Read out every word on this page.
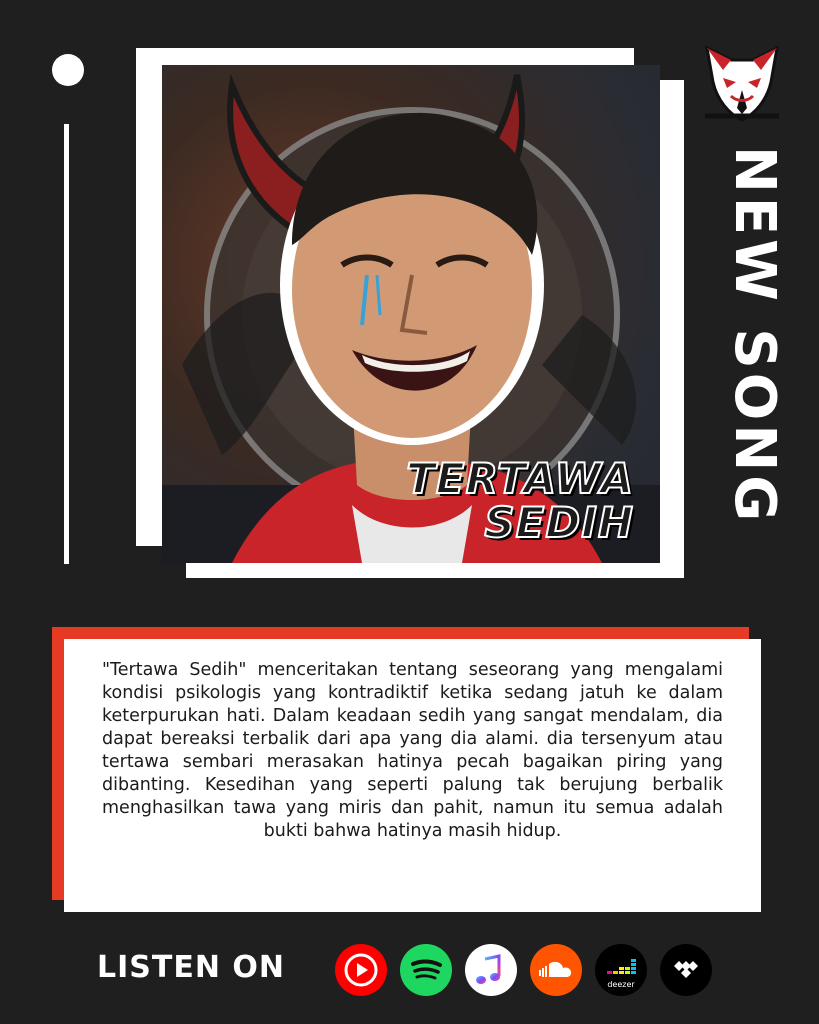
TERTAWA
SEDIH NEW SONG

"Tertawa Sedih" menceritakan tentang seseorang yang mengalami kondisi psikologis yang kontradiktif ketika sedang jatuh ke dalam keterpurukan hati. Dalam keadaan sedih yang sangat mendalam, dia dapat bereaksi terbalik dari apa yang dia alami. dia tersenyum atau tertawa sembari merasakan hatinya pecah bagaikan piring yang dibanting. Kesedihan yang seperti palung tak berujung berbalik menghasilkan tawa yang miris dan pahit, namun itu semua adalah bukti bahwa hatinya masih hidup.

LISTEN ON	deezer
